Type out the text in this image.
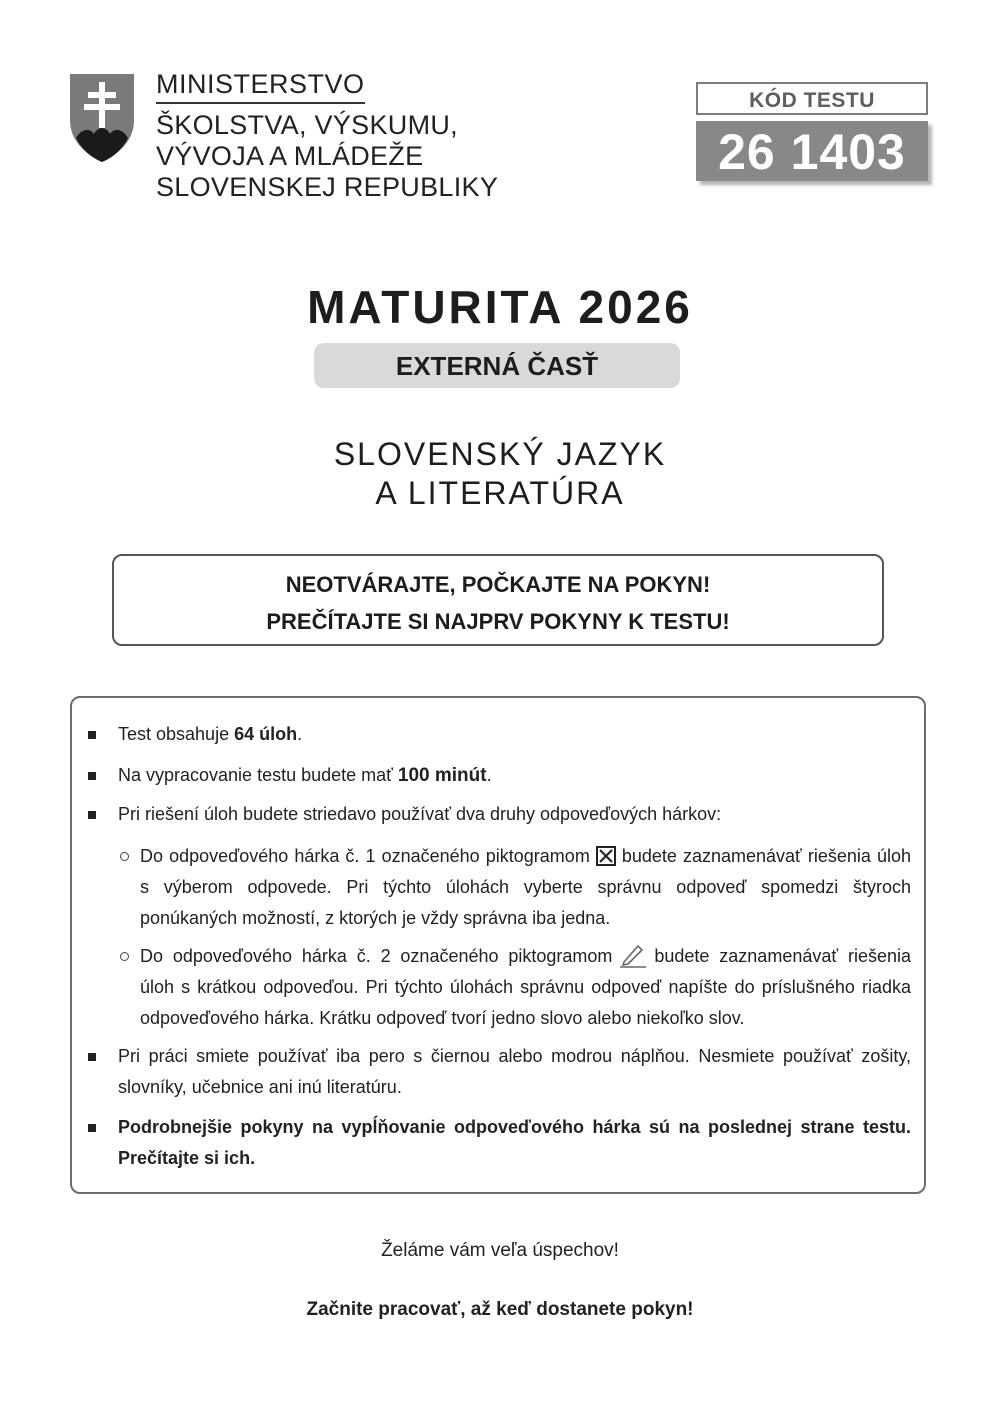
MINISTERSTVO
ŠKOLSTVA, VÝSKUMU,
VÝVOJA A MLÁDEŽE
SLOVENSKEJ REPUBLIKY
KÓD TESTU
26 1403
MATURITA 2026
EXTERNÁ ČASŤ
SLOVENSKÝ JAZYK
A LITERATÚRA
NEOTVÁRAJTE, POČKAJTE NA POKYN!
PREČÍTAJTE SI NAJPRV POKYNY K TESTU!
Test obsahuje 64 úloh.
Na vypracovanie testu budete mať 100 minút.
Pri riešení úloh budete striedavo používať dva druhy odpoveďových hárkov:
Do odpoveďového hárka č. 1 označeného piktogramom ☒ budete zaznamenávať riešenia úloh s výberom odpovede. Pri týchto úlohách vyberte správnu odpoveď spomedzi štyroch ponúkaných možností, z ktorých je vždy správna iba jedna.
Do odpoveďového hárka č. 2 označeného piktogramom budete zaznamenávať riešenia úloh s krátkou odpoveďou. Pri týchto úlohách správnu odpoveď napíšte do príslušného riadka odpoveďového hárka. Krátku odpoveď tvorí jedno slovo alebo niekoľko slov.
Pri práci smiete používať iba pero s čiernou alebo modrou náplňou. Nesmiete používať zošity, slovníky, učebnice ani inú literatúru.
Podrobnejšie pokyny na vypĺňovanie odpoveďového hárka sú na poslednej strane testu. Prečítajte si ich.
Želáme vám veľa úspechov!
Začnite pracovať, až keď dostanete pokyn!
